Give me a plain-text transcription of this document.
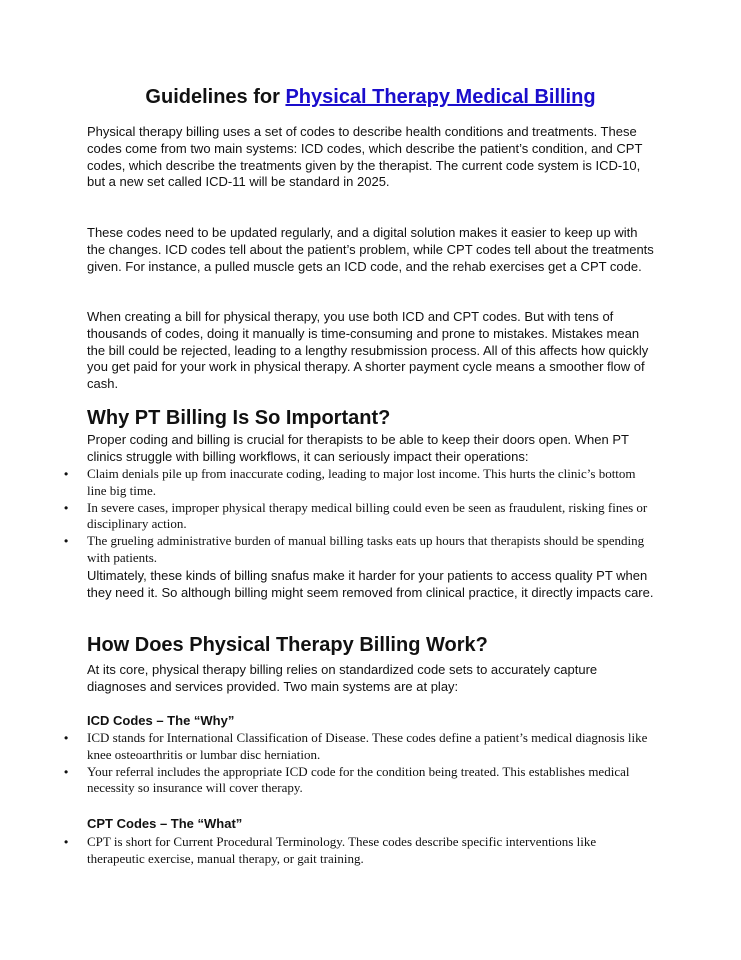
Guidelines for Physical Therapy Medical Billing

Physical therapy billing uses a set of codes to describe health conditions and treatments. These codes come from two main systems: ICD codes, which describe the patient’s condition, and CPT codes, which describe the treatments given by the therapist. The current code system is ICD-10, but a new set called ICD-11 will be standard in 2025.

These codes need to be updated regularly, and a digital solution makes it easier to keep up with the changes. ICD codes tell about the patient’s problem, while CPT codes tell about the treatments given. For instance, a pulled muscle gets an ICD code, and the rehab exercises get a CPT code.

When creating a bill for physical therapy, you use both ICD and CPT codes. But with tens of thousands of codes, doing it manually is time-consuming and prone to mistakes. Mistakes mean the bill could be rejected, leading to a lengthy resubmission process. All of this affects how quickly you get paid for your work in physical therapy. A shorter payment cycle means a smoother flow of cash.

Why PT Billing Is So Important?

Proper coding and billing is crucial for therapists to be able to keep their doors open. When PT clinics struggle with billing workflows, it can seriously impact their operations:

• Claim denials pile up from inaccurate coding, leading to major lost income. This hurts the clinic’s bottom line big time.
• In severe cases, improper physical therapy medical billing could even be seen as fraudulent, risking fines or disciplinary action.
• The grueling administrative burden of manual billing tasks eats up hours that therapists should be spending with patients.

Ultimately, these kinds of billing snafus make it harder for your patients to access quality PT when they need it. So although billing might seem removed from clinical practice, it directly impacts care.

How Does Physical Therapy Billing Work?

At its core, physical therapy billing relies on standardized code sets to accurately capture diagnoses and services provided. Two main systems are at play:

ICD Codes – The “Why”
• ICD stands for International Classification of Disease. These codes define a patient’s medical diagnosis like knee osteoarthritis or lumbar disc herniation.
• Your referral includes the appropriate ICD code for the condition being treated. This establishes medical necessity so insurance will cover therapy.
CPT Codes – The “What”
• CPT is short for Current Procedural Terminology. These codes describe specific interventions like therapeutic exercise, manual therapy, or gait training.
